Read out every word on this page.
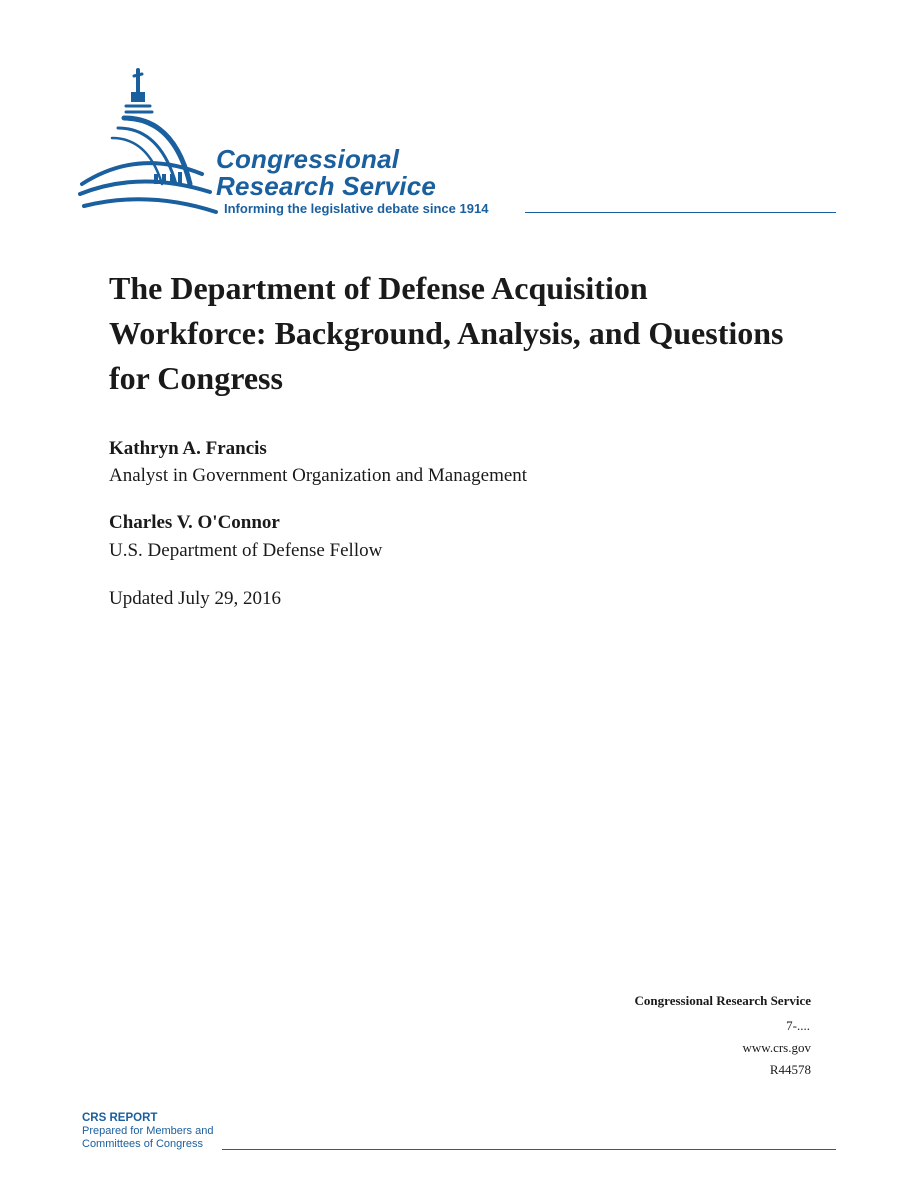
Congressional
Research Service
Informing the legislative debate since 1914
The Department of Defense Acquisition Workforce: Background, Analysis, and Questions for Congress

Kathryn A. Francis

Analyst in Government Organization and Management

Charles V. O'Connor

U.S. Department of Defense Fellow

Updated July 29, 2016

Congressional Research Service

7-....

www.crs.gov

R44578

CRS REPORT
Prepared for Members and
Committees of Congress
